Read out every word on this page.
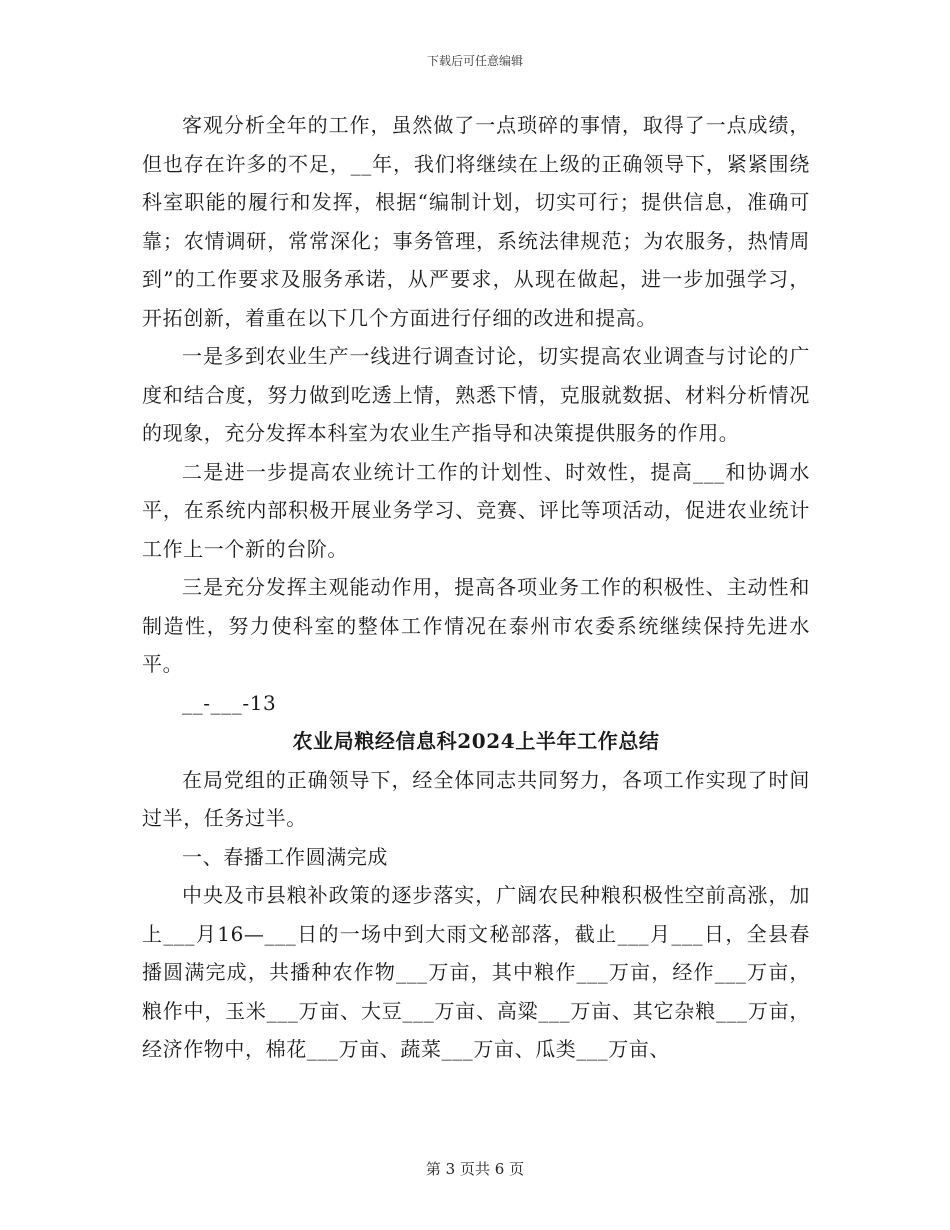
下载后可任意编辑

客观分析全年的工作，虽然做了一点琐碎的事情，取得了一点成绩，但也存在许多的不足，__年，我们将继续在上级的正确领导下，紧紧围绕科室职能的履行和发挥，根据“编制计划，切实可行；提供信息，准确可靠；农情调研，常常深化；事务管理，系统法律规范；为农服务，热情周到”的工作要求及服务承诺，从严要求，从现在做起，进一步加强学习，开拓创新，着重在以下几个方面进行仔细的改进和提高。

一是多到农业生产一线进行调查讨论，切实提高农业调查与讨论的广度和结合度，努力做到吃透上情，熟悉下情，克服就数据、材料分析情况的现象，充分发挥本科室为农业生产指导和决策提供服务的作用。

二是进一步提高农业统计工作的计划性、时效性，提高___和协调水平，在系统内部积极开展业务学习、竞赛、评比等项活动，促进农业统计工作上一个新的台阶。

三是充分发挥主观能动作用，提高各项业务工作的积极性、主动性和制造性，努力使科室的整体工作情况在泰州市农委系统继续保持先进水平。

__-___-13

农业局粮经信息科2024上半年工作总结

在局党组的正确领导下，经全体同志共同努力，各项工作实现了时间过半，任务过半。

一、春播工作圆满完成

中央及市县粮补政策的逐步落实，广阔农民种粮积极性空前高涨，加上___月16—___日的一场中到大雨文秘部落，截止___月___日，全县春播圆满完成，共播种农作物___万亩，其中粮作___万亩，经作___万亩，粮作中，玉米___万亩、大豆___万亩、高粱___万亩、其它杂粮___万亩，经济作物中，棉花___万亩、蔬菜___万亩、瓜类___万亩、

第 3 页共 6 页
